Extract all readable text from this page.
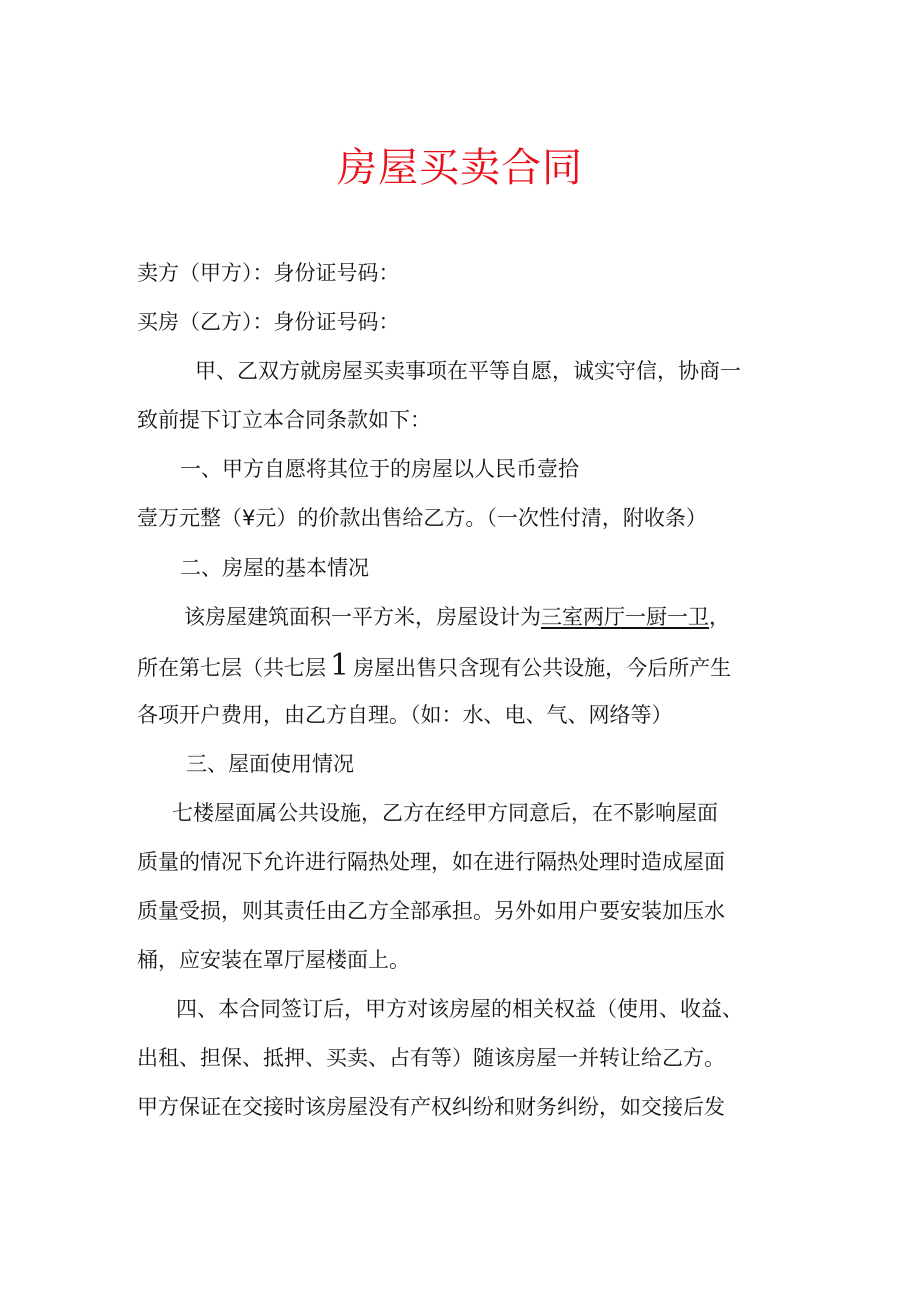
房屋买卖合同
卖方（甲方）：身份证号码：
买房（乙方）：身份证号码：
甲、乙双方就房屋买卖事项在平等自愿，诚实守信，协商一
致前提下订立本合同条款如下：
一、甲方自愿将其位于的房屋以人民币壹拾
壹万元整（¥元）的价款出售给乙方。（一次性付清，附收条）
二、房屋的基本情况
该房屋建筑面积一平方米，房屋设计为三室两厅一厨一卫，
所在第七层（共七层 1 房屋出售只含现有公共设施，今后所产生
各项开户费用，由乙方自理。（如：水、电、气、网络等）
三、屋面使用情况
七楼屋面属公共设施，乙方在经甲方同意后，在不影响屋面
质量的情况下允许进行隔热处理，如在进行隔热处理时造成屋面
质量受损，则其责任由乙方全部承担。另外如用户要安装加压水
桶，应安装在罩厅屋楼面上。
四、本合同签订后，甲方对该房屋的相关权益（使用、收益、
出租、担保、抵押、买卖、占有等）随该房屋一并转让给乙方。
甲方保证在交接时该房屋没有产权纠纷和财务纠纷，如交接后发
